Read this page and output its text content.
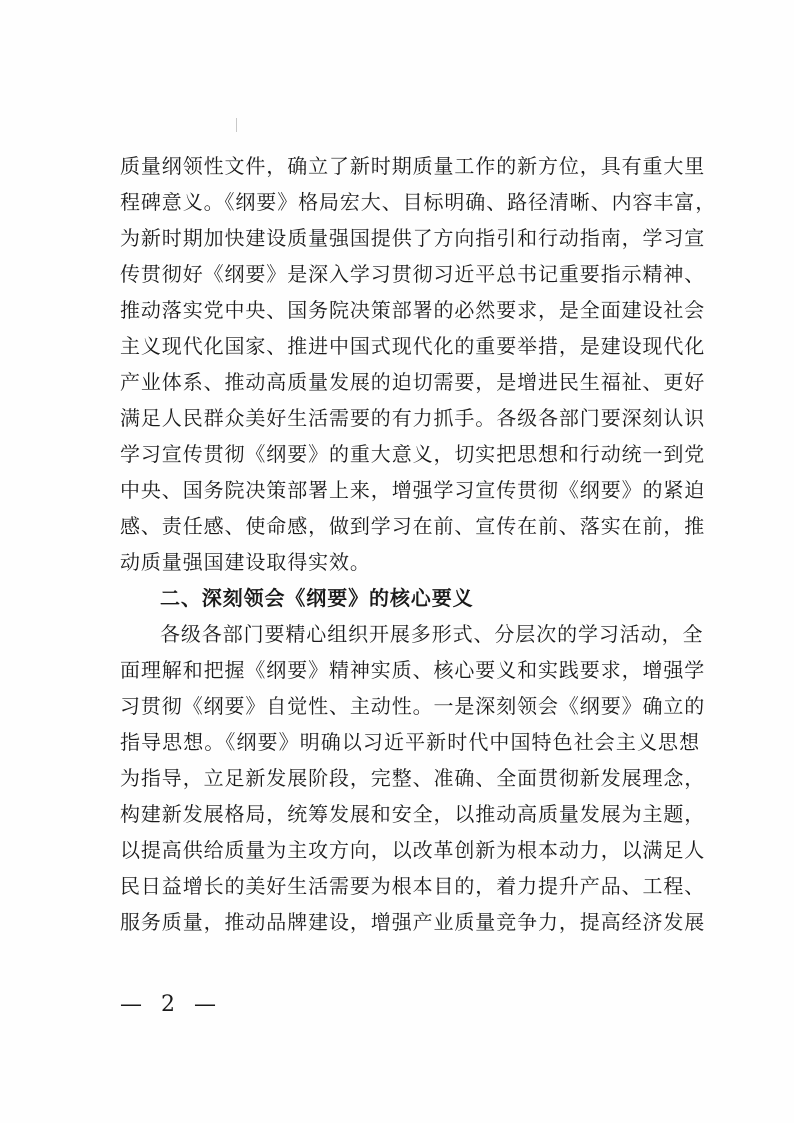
质量纲领性文件，确立了新时期质量工作的新方位，具有重大里
程碑意义。《纲要》格局宏大、目标明确、路径清晰、内容丰富，
为新时期加快建设质量强国提供了方向指引和行动指南，学习宣
传贯彻好《纲要》是深入学习贯彻习近平总书记重要指示精神、
推动落实党中央、国务院决策部署的必然要求，是全面建设社会
主义现代化国家、推进中国式现代化的重要举措，是建设现代化
产业体系、推动高质量发展的迫切需要，是增进民生福祉、更好
满足人民群众美好生活需要的有力抓手。各级各部门要深刻认识
学习宣传贯彻《纲要》的重大意义，切实把思想和行动统一到党
中央、国务院决策部署上来，增强学习宣传贯彻《纲要》的紧迫
感、责任感、使命感，做到学习在前、宣传在前、落实在前，推
动质量强国建设取得实效。
二、深刻领会《纲要》的核心要义
各级各部门要精心组织开展多形式、分层次的学习活动，全
面理解和把握《纲要》精神实质、核心要义和实践要求，增强学
习贯彻《纲要》自觉性、主动性。一是深刻领会《纲要》确立的
指导思想。《纲要》明确以习近平新时代中国特色社会主义思想
为指导，立足新发展阶段，完整、准确、全面贯彻新发展理念，
构建新发展格局，统筹发展和安全，以推动高质量发展为主题，
以提高供给质量为主攻方向，以改革创新为根本动力，以满足人
民日益增长的美好生活需要为根本目的，着力提升产品、工程、
服务质量，推动品牌建设，增强产业质量竞争力，提高经济发展
— 2 —
